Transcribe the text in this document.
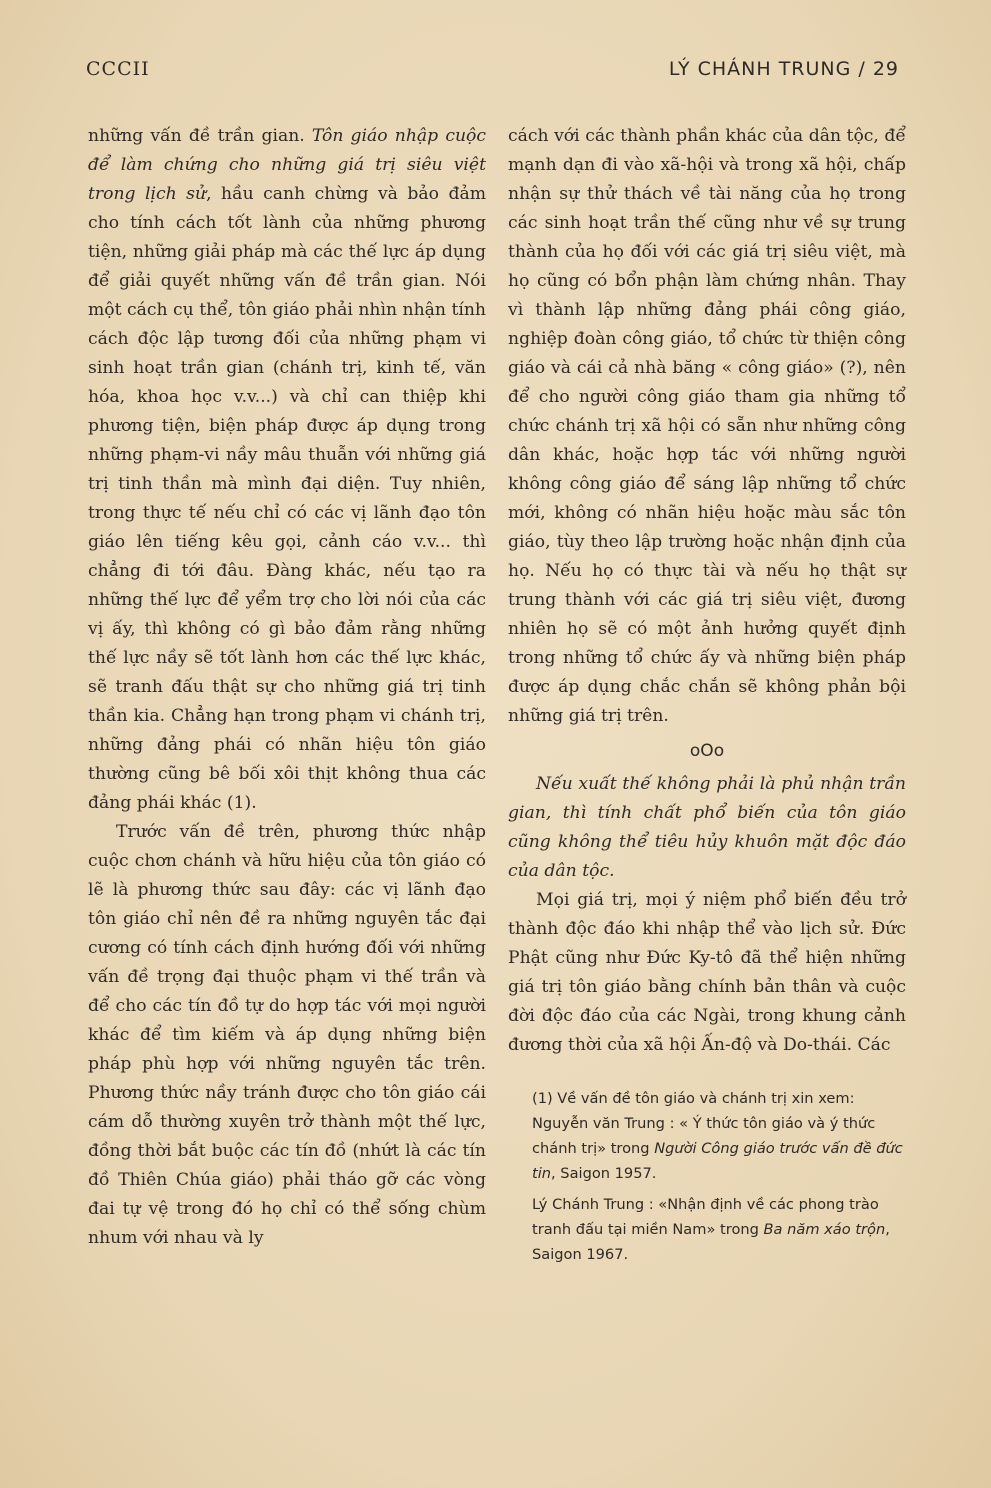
CCCII	LÝ CHÁNH TRUNG / 29

những vấn đề trần gian. Tôn giáo nhập cuộc để làm chứng cho những giá trị siêu việt trong lịch sử, hầu canh chừng và bảo đảm cho tính cách tốt lành của những phương tiện, những giải pháp mà các thế lực áp dụng để giải quyết những vấn đề trần gian. Nói một cách cụ thể, tôn giáo phải nhìn nhận tính cách độc lập tương đối của những phạm vi sinh hoạt trần gian (chánh trị, kinh tế, văn hóa, khoa học v.v...) và chỉ can thiệp khi phương tiện, biện pháp được áp dụng trong những phạm-vi nầy mâu thuẫn với những giá trị tinh thần mà mình đại diện. Tuy nhiên, trong thực tế nếu chỉ có các vị lãnh đạo tôn giáo lên tiếng kêu gọi, cảnh cáo v.v... thì chẳng đi tới đâu. Đàng khác, nếu tạo ra những thế lực để yểm trợ cho lời nói của các vị ấy, thì không có gì bảo đảm rằng những thế lực nầy sẽ tốt lành hơn các thế lực khác, sẽ tranh đấu thật sự cho những giá trị tinh thần kia. Chẳng hạn trong phạm vi chánh trị, những đảng phái có nhãn hiệu tôn giáo thường cũng bê bối xôi thịt không thua các đảng phái khác (1).

Trước vấn đề trên, phương thức nhập cuộc chơn chánh và hữu hiệu của tôn giáo có lẽ là phương thức sau đây: các vị lãnh đạo tôn giáo chỉ nên đề ra những nguyên tắc đại cương có tính cách định hướng đối với những vấn đề trọng đại thuộc phạm vi thế trần và để cho các tín đồ tự do hợp tác với mọi người khác để tìm kiếm và áp dụng những biện pháp phù hợp với những nguyên tắc trên. Phương thức nầy tránh được cho tôn giáo cái cám dỗ thường xuyên trở thành một thế lực, đồng thời bắt buộc các tín đồ (nhứt là các tín đồ Thiên Chúa giáo) phải tháo gỡ các vòng đai tự vệ trong đó họ chỉ có thể sống chùm nhum với nhau và ly

cách với các thành phần khác của dân tộc, để mạnh dạn đi vào xã-hội và trong xã hội, chấp nhận sự thử thách về tài năng của họ trong các sinh hoạt trần thế cũng như về sự trung thành của họ đối với các giá trị siêu việt, mà họ cũng có bổn phận làm chứng nhân. Thay vì thành lập những đảng phái công giáo, nghiệp đoàn công giáo, tổ chức từ thiện công giáo và cái cả nhà băng « công giáo» (?), nên để cho người công giáo tham gia những tổ chức chánh trị xã hội có sẵn như những công dân khác, hoặc hợp tác với những người không công giáo để sáng lập những tổ chức mới, không có nhãn hiệu hoặc màu sắc tôn giáo, tùy theo lập trường hoặc nhận định của họ. Nếu họ có thực tài và nếu họ thật sự trung thành với các giá trị siêu việt, đương nhiên họ sẽ có một ảnh hưởng quyết định trong những tổ chức ấy và những biện pháp được áp dụng chắc chắn sẽ không phản bội những giá trị trên.

oOo

Nếu xuất thế không phải là phủ nhận trần gian, thì tính chất phổ biến của tôn giáo cũng không thể tiêu hủy khuôn mặt độc đáo của dân tộc.

Mọi giá trị, mọi ý niệm phổ biến đều trở thành độc đáo khi nhập thể vào lịch sử. Đức Phật cũng như Đức Ky-tô đã thể hiện những giá trị tôn giáo bằng chính bản thân và cuộc đời độc đáo của các Ngài, trong khung cảnh đương thời của xã hội Ấn-độ và Do-thái. Các

(1) Về vấn đề tôn giáo và chánh trị xin xem: Nguyễn văn Trung : « Ý thức tôn giáo và ý thức chánh trị» trong Người Công giáo trước vấn đề đức tin, Saigon 1957.

Lý Chánh Trung : «Nhận định về các phong trào tranh đấu tại miền Nam» trong Ba năm xáo trộn, Saigon 1967.
